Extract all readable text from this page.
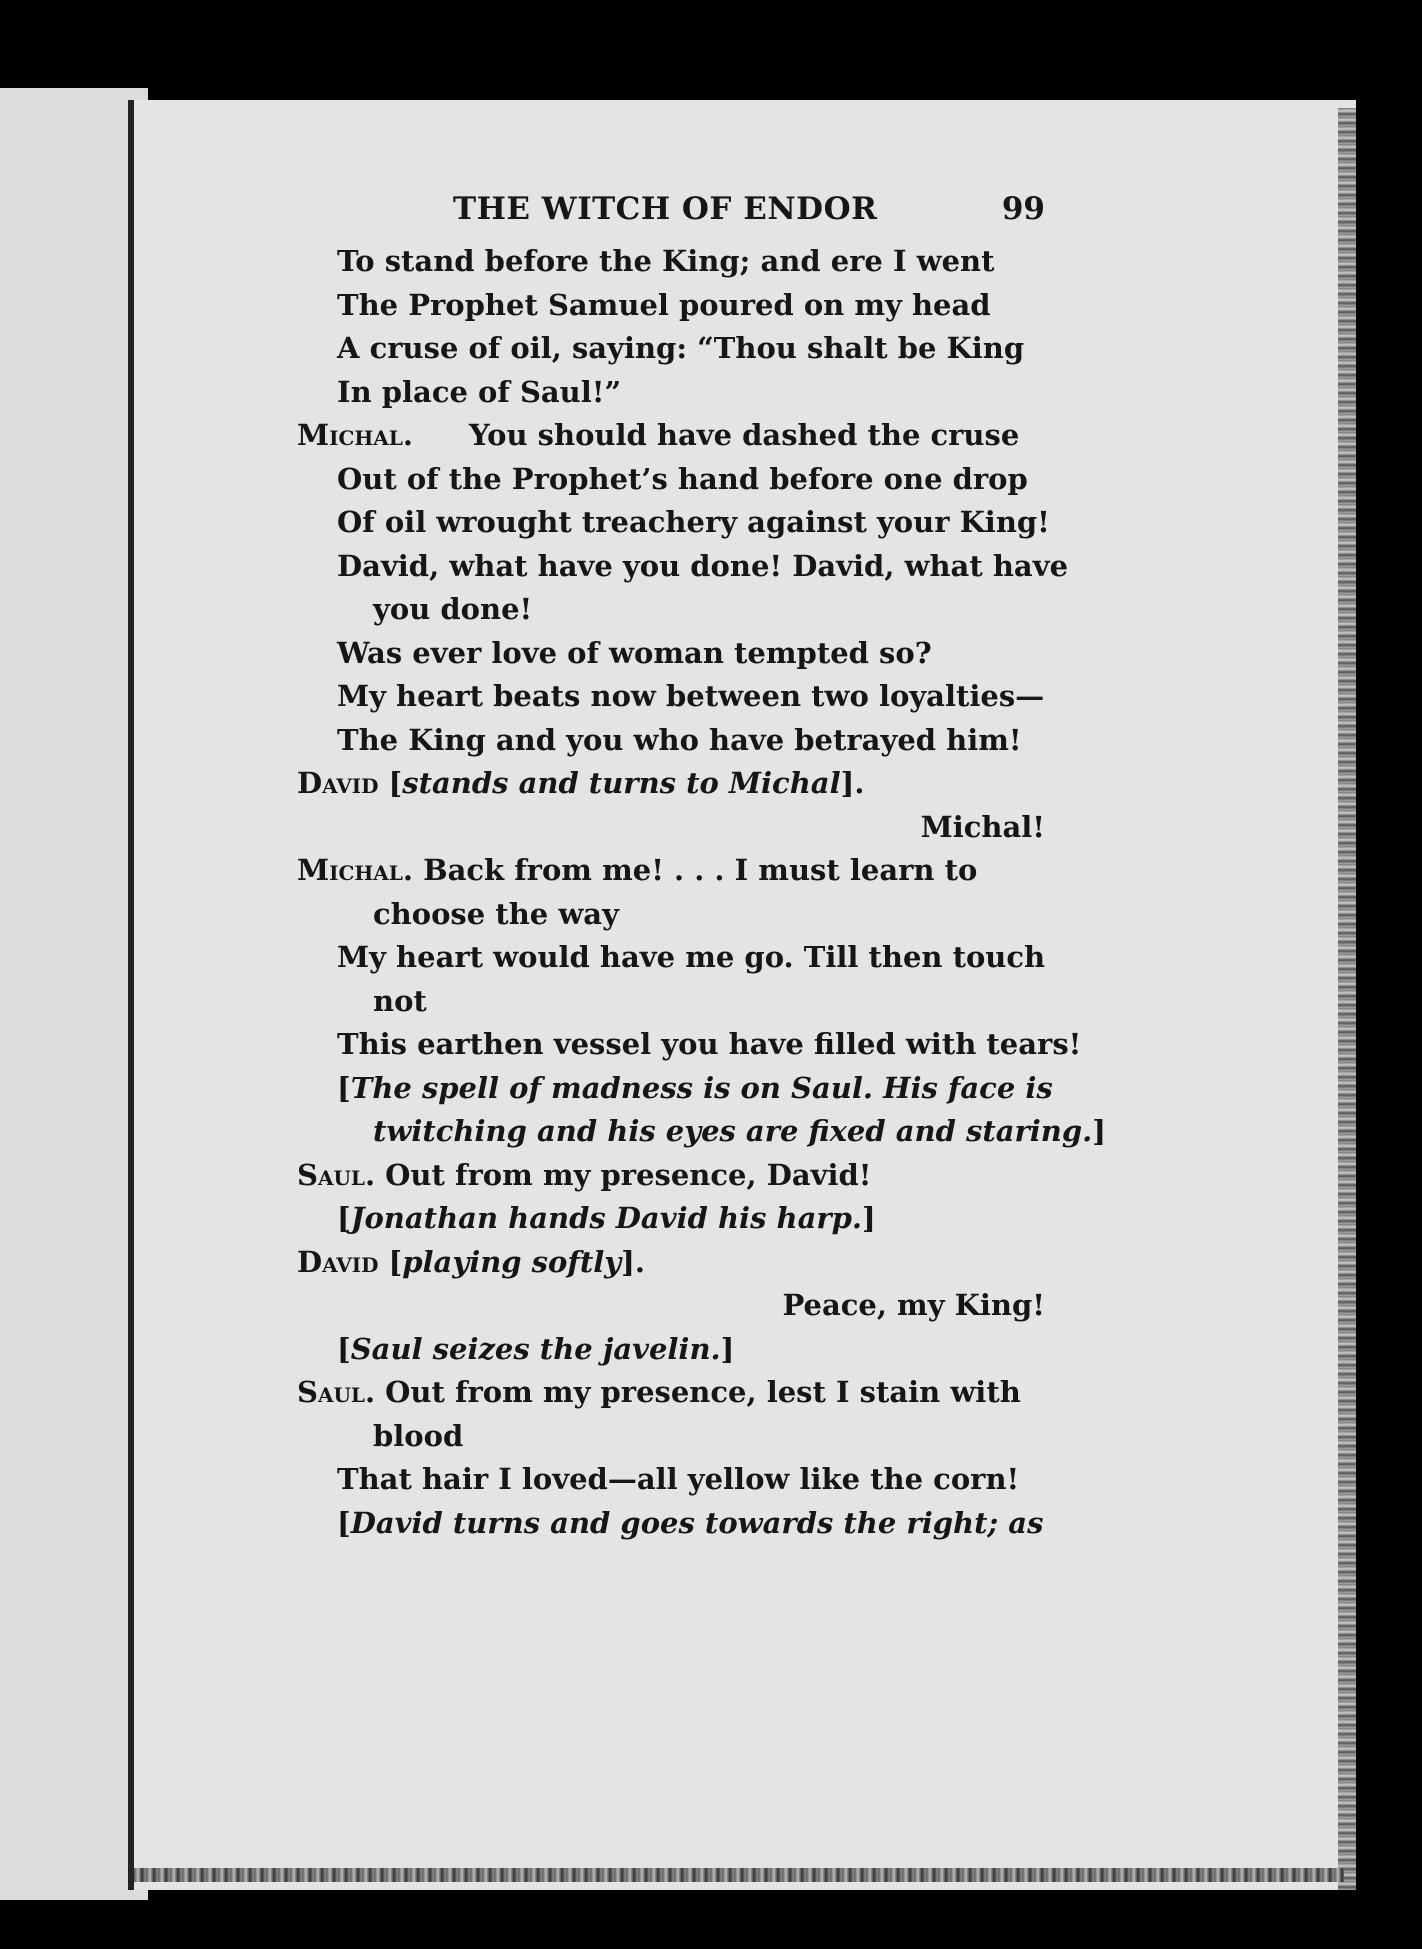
THE WITCH OF ENDOR	99
To stand before the King; and ere I went
The Prophet Samuel poured on my head
A cruse of oil, saying: “Thou shalt be King
In place of Saul!”
Michal. You should have dashed the cruse
Out of the Prophet’s hand before one drop
Of oil wrought treachery against your King!
David, what have you done! David, what have
you done!
Was ever love of woman tempted so?
My heart beats now between two loyalties—
The King and you who have betrayed him!
David [stands and turns to Michal].
Michal!
Michal. Back from me! . . . I must learn to
choose the way
My heart would have me go. Till then touch
not
This earthen vessel you have filled with tears!
[The spell of madness is on Saul. His face is
twitching and his eyes are fixed and staring.]
Saul. Out from my presence, David!
[Jonathan hands David his harp.]
David [playing softly].
Peace, my King!
[Saul seizes the javelin.]
Saul. Out from my presence, lest I stain with
blood
That hair I loved—all yellow like the corn!
[David turns and goes towards the right; as
